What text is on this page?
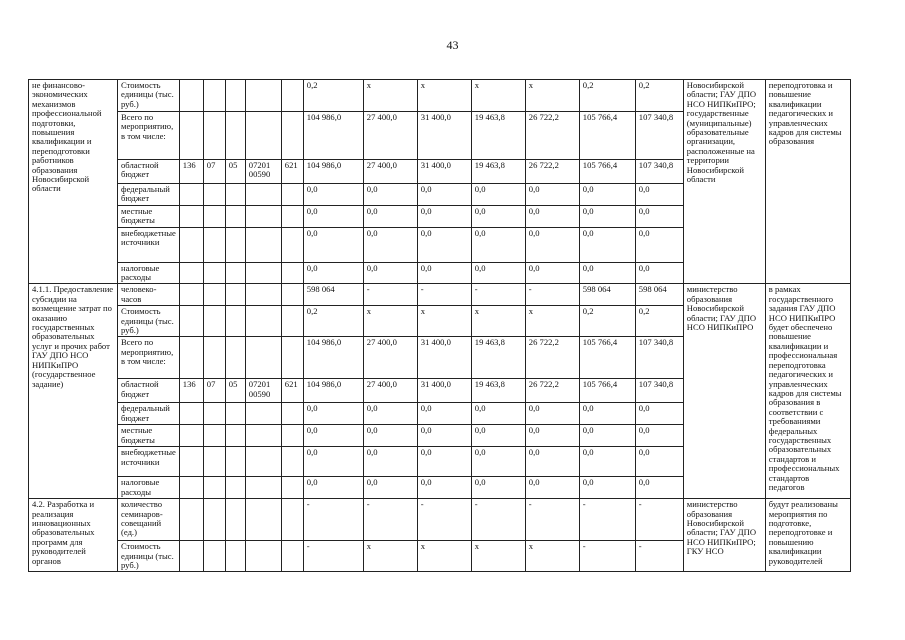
43
не финансово-экономических механизмов профессиональной подготовки, повышения квалификации и переподготовки работников образования Новосибирской области	Стоимость единицы (тыс. руб.)						0,2	x	x	x	x	0,2	0,2	Новосибирской области; ГАУ ДПО НСО НИПКиПРО; государственные (муниципальные) образовательные организации, расположенные на территории Новосибирской области	переподготовка и повышение квалификации педагогических и управленческих кадров для системы образования
	Всего по мероприятию, в том числе:						104 986,0	27 400,0	31 400,0	19 463,8	26 722,2	105 766,4	107 340,8		
	областной бюджет	136	07	05	07201 00590	621	104 986,0	27 400,0	31 400,0	19 463,8	26 722,2	105 766,4	107 340,8		
	федеральный бюджет						0,0	0,0	0,0	0,0	0,0	0,0	0,0		
	местные бюджеты						0,0	0,0	0,0	0,0	0,0	0,0	0,0		
	внебюджетные источники						0,0	0,0	0,0	0,0	0,0	0,0	0,0		
	налоговые расходы						0,0	0,0	0,0	0,0	0,0	0,0	0,0		
4.1.1. Предоставление субсидии на возмещение затрат по оказанию государственных образовательных услуг и прочих работ ГАУ ДПО НСО НИПКиПРО (государственное задание)	человеко-часов						598 064	-	-	-	-	598 064	598 064	министерство образования Новосибирской области; ГАУ ДПО НСО НИПКиПРО	в рамках государственного задания ГАУ ДПО НСО НИПКиПРО будет обеспечено повышение квалификации и профессиональная переподготовка педагогических и управленческих кадров для системы образования в соответствии с требованиями федеральных государственных образовательных стандартов и профессиональных стандартов педагогов
	Стоимость единицы (тыс. руб.)						0,2	x	x	x	x	0,2	0,2		
	Всего по мероприятию, в том числе:						104 986,0	27 400,0	31 400,0	19 463,8	26 722,2	105 766,4	107 340,8		
	областной бюджет	136	07	05	07201 00590	621	104 986,0	27 400,0	31 400,0	19 463,8	26 722,2	105 766,4	107 340,8		
	федеральный бюджет						0,0	0,0	0,0	0,0	0,0	0,0	0,0		
	местные бюджеты						0,0	0,0	0,0	0,0	0,0	0,0	0,0		
	внебюджетные источники						0,0	0,0	0,0	0,0	0,0	0,0	0,0		
	налоговые расходы						0,0	0,0	0,0	0,0	0,0	0,0	0,0		

4.2. Разработка и реализация инновационных образовательных программ для руководителей органов	количество семинаров-совещаний (ед.)						-	-	-	-	-	-	-	министерство образования Новосибирской области; ГАУ ДПО НСО НИПКиПРО; ГКУ НСО	будут реализованы мероприятия по подготовке, переподготовке и повышению квалификации руководителей

	Стоимость единицы (тыс. руб.)						-	x	x	x	x	-	-		
